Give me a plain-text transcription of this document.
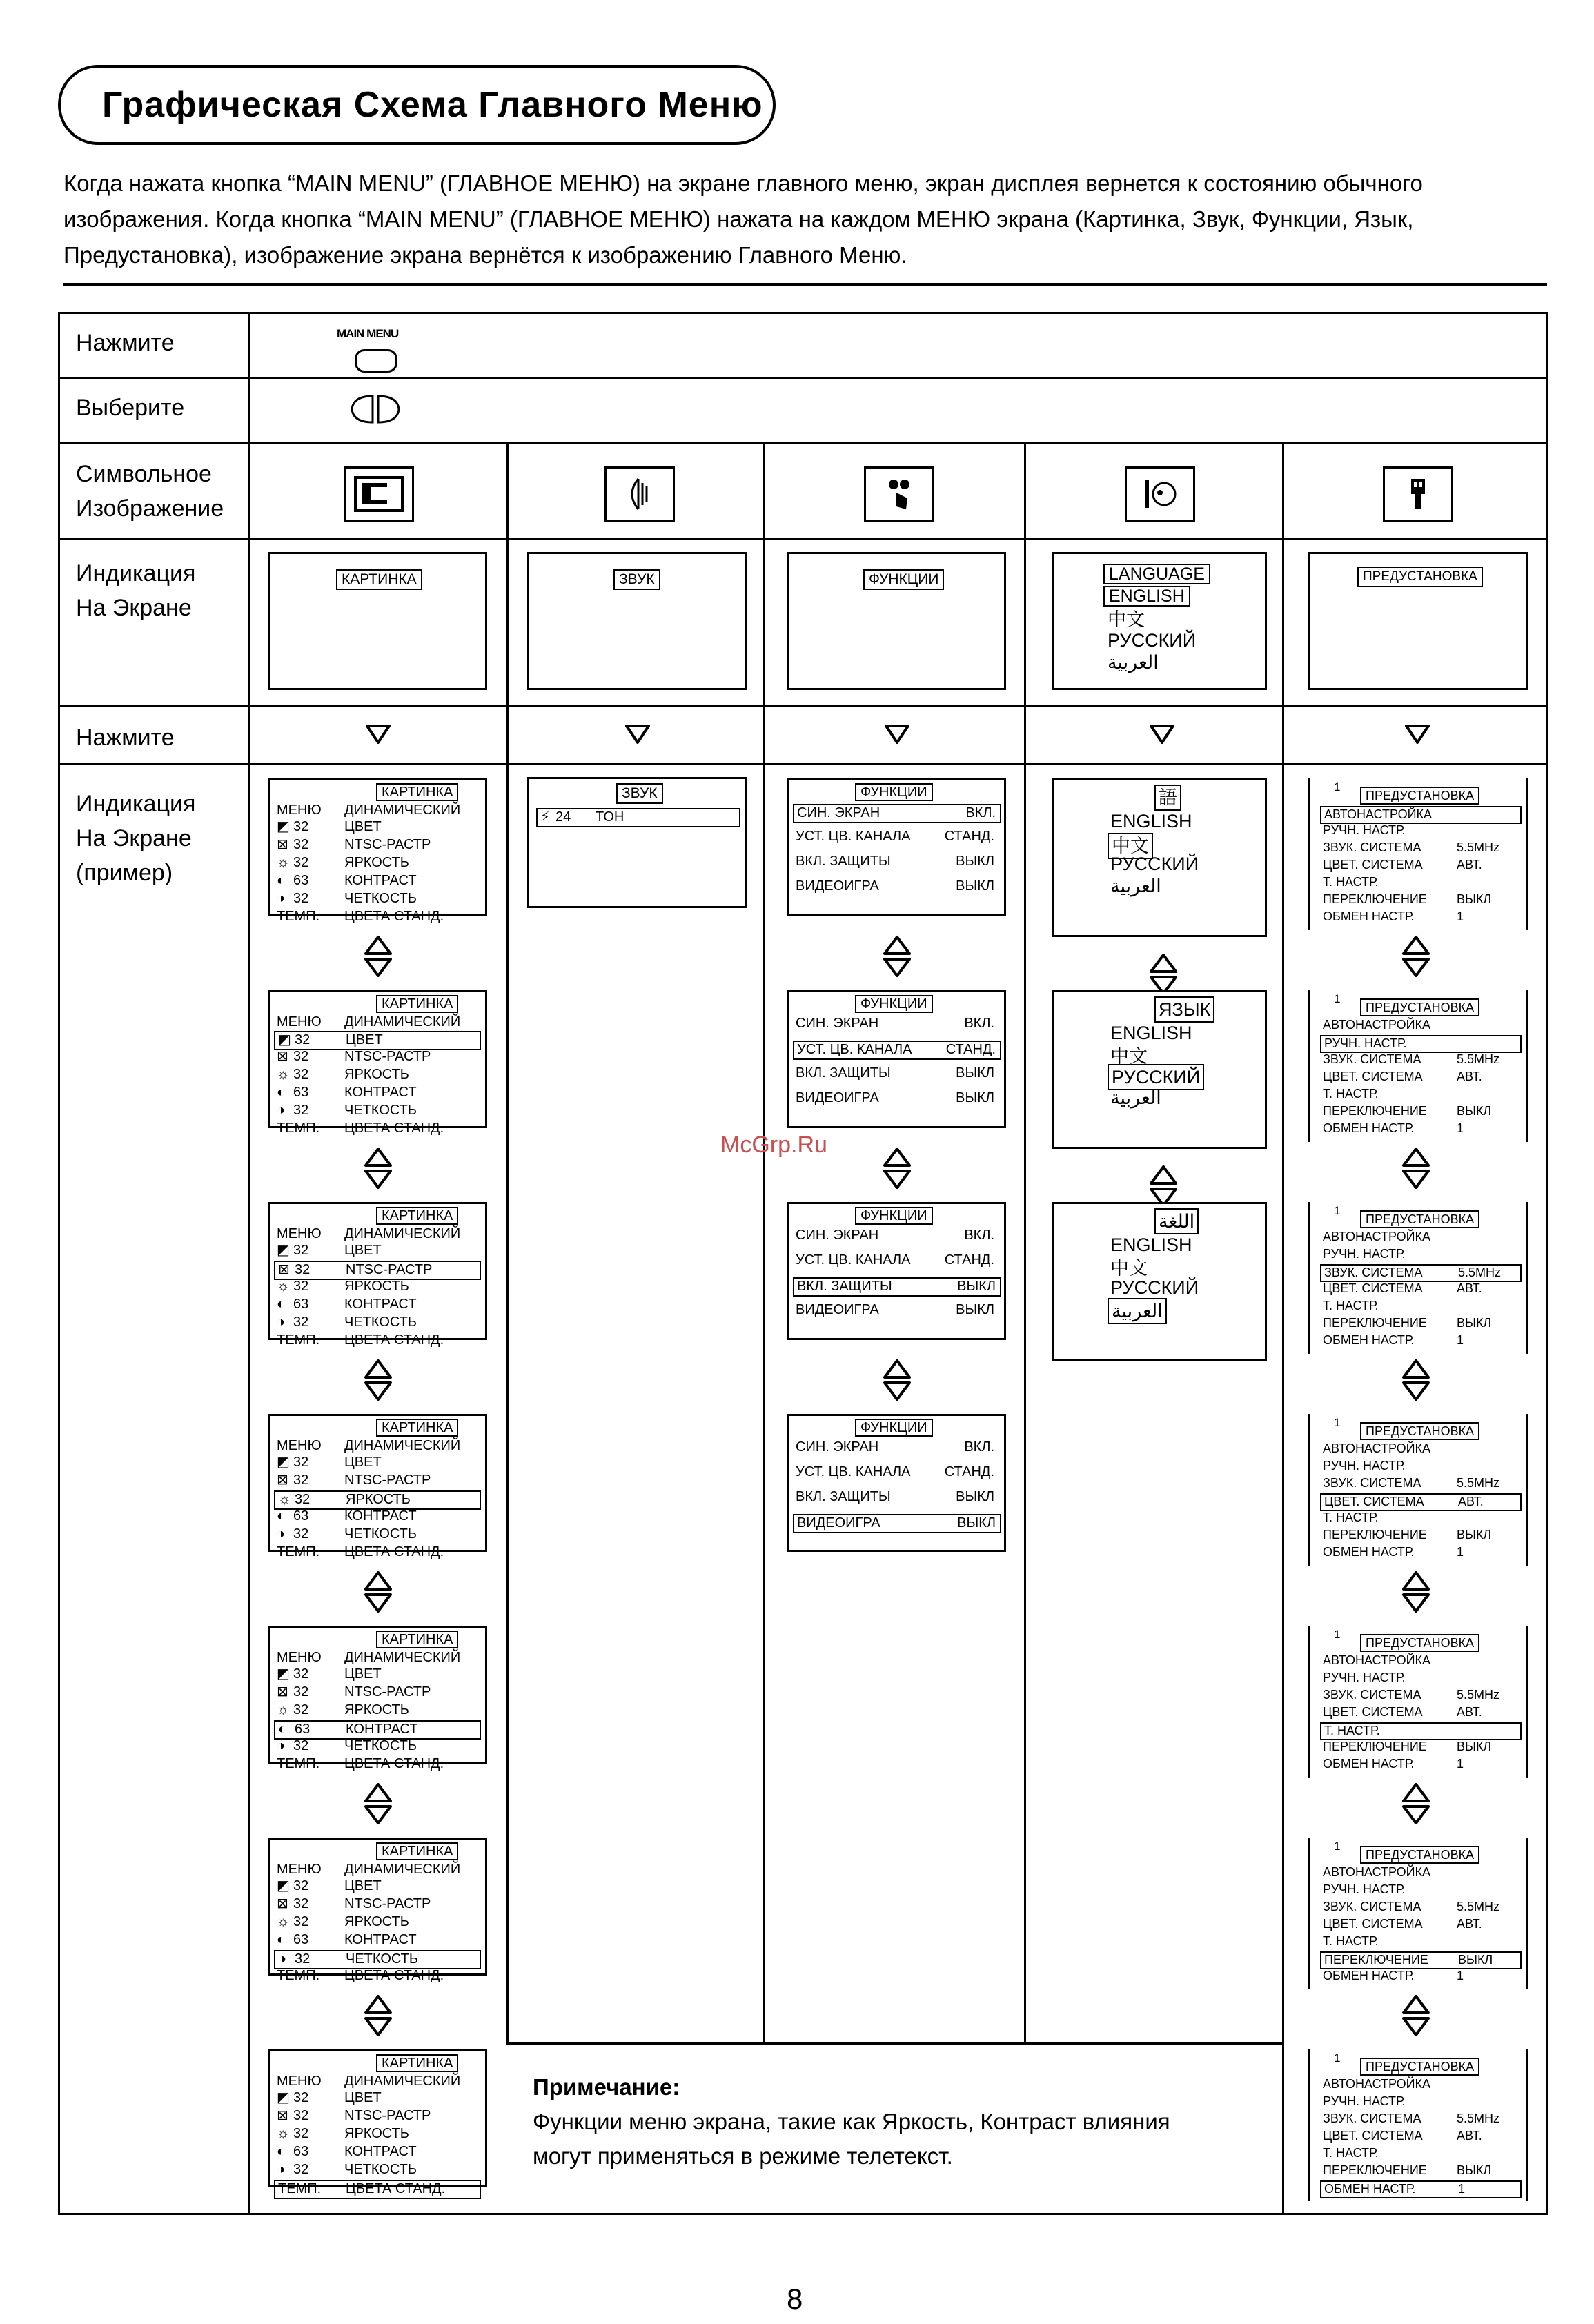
Графическая Схема Главного Меню

Когда нажата кнопка “MAIN MENU” (ГЛАВНОЕ МЕНЮ) на экране главного меню, экран дисплея вернется к состоянию обычного

изображения. Когда кнопка “MAIN MENU” (ГЛАВНОЕ МЕНЮ) нажата на каждом МЕНЮ экрана (Картинка, Звук, Функции, Язык,

Предустановка), изображение экрана вернётся к изображению Главного Меню.

Нажмите
Выберите
Символьное
Изображение
Индикация
На Экране
Нажмите
Индикация
На Экране
(пример)
MAIN MENU
КАРТИНКА	ЗВУК	ФУНКЦИИ	LANGUAGE
ENGLISH
中文
РУССКИЙ
العربية
ПРЕДУСТАНОВКА
КАРТИНКА
МЕНЮ ДИНАМИЧЕСКИЙ
◩ 32	ЦВЕТ
⊠ 32	NTSC-РАСТР
☼ 32	ЯРКОСТЬ
◐ 63	КОНТРАСТ
◑ 32	ЧЕТКОСТЬ
ТЕМП. ЦВЕТА СТАНД.
КАРТИНКА
МЕНЮ ДИНАМИЧЕСКИЙ
◩ 32	ЦВЕТ
⊠ 32	NTSC-РАСТР
☼ 32	ЯРКОСТЬ
◐ 63	КОНТРАСТ
◑ 32	ЧЕТКОСТЬ
ТЕМП. ЦВЕТА СТАНД.
КАРТИНКА
МЕНЮ ДИНАМИЧЕСКИЙ
◩ 32	ЦВЕТ
⊠ 32	NTSC-РАСТР
☼ 32	ЯРКОСТЬ
◐ 63	КОНТРАСТ
◑ 32	ЧЕТКОСТЬ
ТЕМП. ЦВЕТА СТАНД.
КАРТИНКА
МЕНЮ ДИНАМИЧЕСКИЙ
◩ 32	ЦВЕТ
⊠ 32	NTSC-РАСТР
☼ 32	ЯРКОСТЬ
◐ 63	КОНТРАСТ
◑ 32	ЧЕТКОСТЬ
ТЕМП. ЦВЕТА СТАНД.
КАРТИНКА
МЕНЮ ДИНАМИЧЕСКИЙ
◩ 32	ЦВЕТ
⊠ 32	NTSC-РАСТР
☼ 32	ЯРКОСТЬ
◐ 63	КОНТРАСТ
◑ 32	ЧЕТКОСТЬ
ТЕМП. ЦВЕТА СТАНД.
КАРТИНКА
МЕНЮ ДИНАМИЧЕСКИЙ
◩ 32	ЦВЕТ
⊠ 32	NTSC-РАСТР
☼ 32	ЯРКОСТЬ
◐ 63	КОНТРАСТ
◑ 32	ЧЕТКОСТЬ
ТЕМП. ЦВЕТА СТАНД.
КАРТИНКА
МЕНЮ ДИНАМИЧЕСКИЙ
◩ 32	ЦВЕТ
⊠ 32	NTSC-РАСТР
☼ 32	ЯРКОСТЬ
◐ 63	КОНТРАСТ
◑ 32	ЧЕТКОСТЬ
ТЕМП. ЦВЕТА СТАНД.
ФУНКЦИИ
СИН. ЭКРАН	ВКЛ.
УСТ. ЦВ. КАНАЛА СТАНД.
ВКЛ. ЗАЩИТЫ	ВЫКЛ
ВИДЕОИГРА	ВЫКЛ
ФУНКЦИИ
СИН. ЭКРАН	ВКЛ.
УСТ. ЦВ. КАНАЛА СТАНД.
ВКЛ. ЗАЩИТЫ	ВЫКЛ
ВИДЕОИГРА	ВЫКЛ
ФУНКЦИИ
СИН. ЭКРАН	ВКЛ.
УСТ. ЦВ. КАНАЛА СТАНД.
ВКЛ. ЗАЩИТЫ	ВЫКЛ
ВИДЕОИГРА	ВЫКЛ
ФУНКЦИИ
СИН. ЭКРАН	ВКЛ.
УСТ. ЦВ. КАНАЛА СТАНД.
ВКЛ. ЗАЩИТЫ	ВЫКЛ
ВИДЕОИГРА	ВЫКЛ
1
ПРЕДУСТАНОВКА
АВТОНАСТРОЙКА
РУЧН. НАСТР.
ЗВУК. СИСТЕМА	5.5MHz
ЦВЕТ. СИСТЕМА	АВТ.
Т. НАСТР.
ПЕРЕКЛЮЧЕНИЕ ВЫКЛ
ОБМЕН НАСТР.	1
1
ПРЕДУСТАНОВКА
АВТОНАСТРОЙКА
РУЧН. НАСТР.
ЗВУК. СИСТЕМА	5.5MHz
ЦВЕТ. СИСТЕМА	АВТ.
Т. НАСТР.
ПЕРЕКЛЮЧЕНИЕ ВЫКЛ
ОБМЕН НАСТР.	1
1
ПРЕДУСТАНОВКА
АВТОНАСТРОЙКА
РУЧН. НАСТР.
ЗВУК. СИСТЕМА	5.5MHz
ЦВЕТ. СИСТЕМА	АВТ.
Т. НАСТР.
ПЕРЕКЛЮЧЕНИЕ ВЫКЛ
ОБМЕН НАСТР.	1
1
ПРЕДУСТАНОВКА
АВТОНАСТРОЙКА
РУЧН. НАСТР.
ЗВУК. СИСТЕМА	5.5MHz
ЦВЕТ. СИСТЕМА	АВТ.
Т. НАСТР.
ПЕРЕКЛЮЧЕНИЕ ВЫКЛ
ОБМЕН НАСТР.	1
1
ПРЕДУСТАНОВКА
АВТОНАСТРОЙКА
РУЧН. НАСТР.
ЗВУК. СИСТЕМА	5.5MHz
ЦВЕТ. СИСТЕМА	АВТ.
Т. НАСТР.
ПЕРЕКЛЮЧЕНИЕ ВЫКЛ
ОБМЕН НАСТР.	1
1
ПРЕДУСТАНОВКА
АВТОНАСТРОЙКА
РУЧН. НАСТР.
ЗВУК. СИСТЕМА	5.5MHz
ЦВЕТ. СИСТЕМА	АВТ.
Т. НАСТР.
ПЕРЕКЛЮЧЕНИЕ ВЫКЛ
ОБМЕН НАСТР.	1
1
ПРЕДУСТАНОВКА
АВТОНАСТРОЙКА
РУЧН. НАСТР.
ЗВУК. СИСТЕМА	5.5MHz
ЦВЕТ. СИСТЕМА	АВТ.
Т. НАСТР.
ПЕРЕКЛЮЧЕНИЕ ВЫКЛ
ОБМЕН НАСТР.	1
語
ENGLISH
中文
РУССКИЙ
العربية
ЯЗЫК
ENGLISH
中文
РУССКИЙ
العربية
اللغة
ENGLISH
中文
РУССКИЙ
العربية
ЗВУК
⚡ 24 ТОН
Примечание:
Функции меню экрана, такие как Яркость, Контраст влияния
могут применяться в режиме телетекст.
McGrp.Ru
8
